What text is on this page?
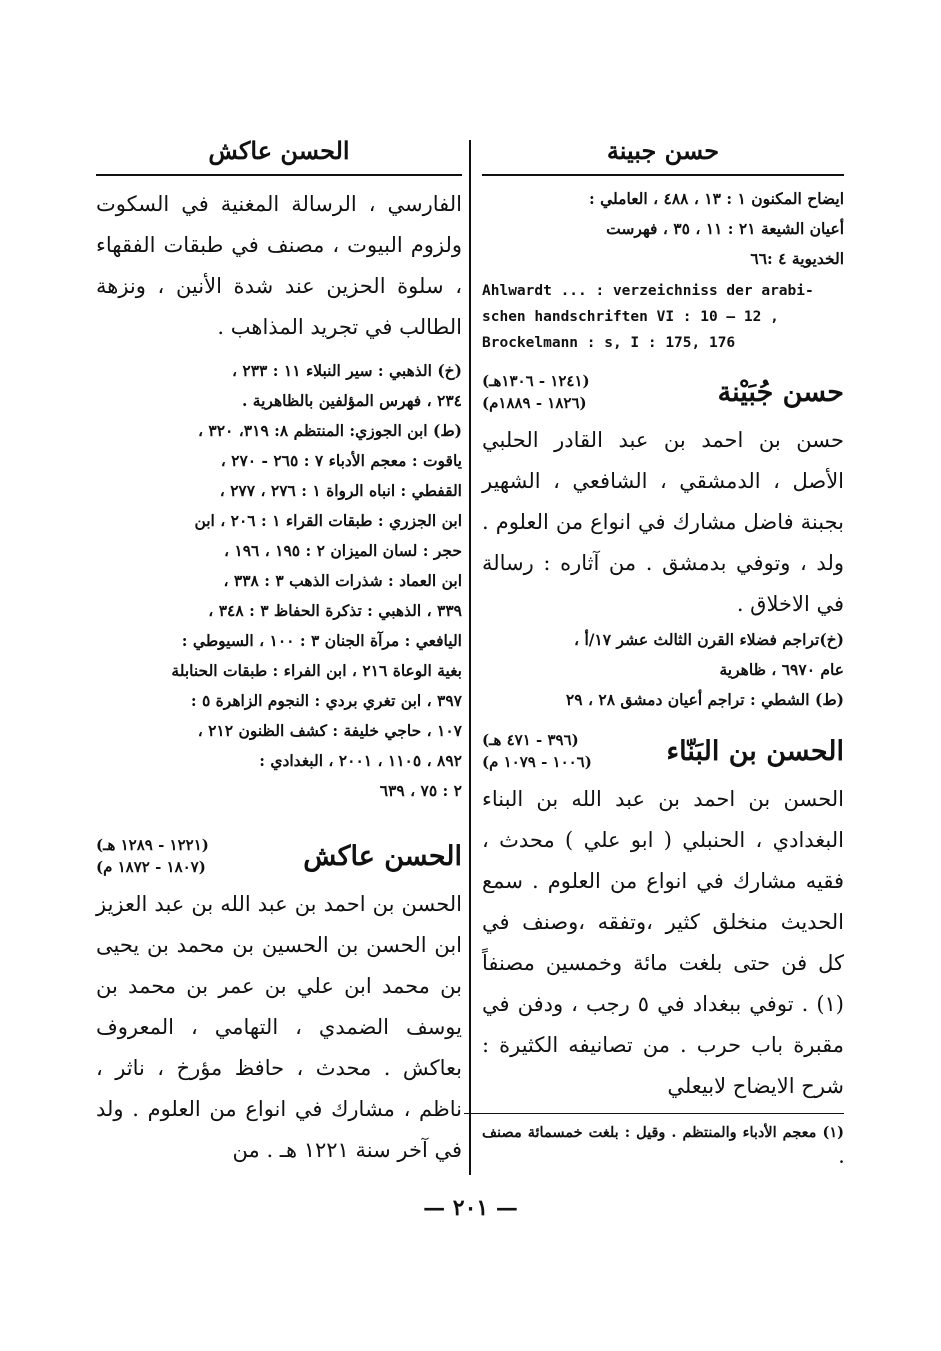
حسن جبينة

ايضاح المكنون ١ : ١٣ ، ٤٨٨ ، العاملي :

أعيان الشيعة ٢١ : ١١ ، ٣٥ ، فهرست

الخديوية ٤ :٦٦

Ahlwardt ... : verzeichniss der arabi-
schen handschriften VI : 10 — 12 ,
Brockelmann : s, I : 175, 176
حسن جُبَيْنة
(١٢٤١ - ١٣٠٦هـ)
(١٨٢٦ - ١٨٨٩م)

حسن بن احمد بن عبد القادر الحلبي الأصل ، الدمشقي ، الشافعي ، الشهير بجبنة فاضل مشارك في انواع من العلوم . ولد ، وتوفي بدمشق . من آثاره : رسالة في الاخلاق .

(خ)تراجم فضلاء القرن الثالث عشر ١٧/أ ،

عام ٦٩٧٠ ، ظاهرية

(ط) الشطي : تراجم أعيان دمشق ٢٨ ، ٢٩

الحسن بن البَنّاء
(٣٩٦ - ٤٧١ هـ)
(١٠٠٦ - ١٠٧٩ م)

الحسن بن احمد بن عبد الله بن البناء البغدادي ، الحنبلي ( ابو علي ) محدث ، فقيه مشارك في انواع من العلوم . سمع الحديث منخلق كثير ،وتفقه ،وصنف في كل فن حتى بلغت مائة وخمسين مصنفاً (١) . توفي ببغداد في ٥ رجب ، ودفن في مقبرة باب حرب . من تصانيفه الكثيرة : شرح الايضاح لابيعلي

(١) معجم الأدباء والمنتظم . وقيل : بلغت خمسمائة مصنف .

الحسن عاكش

الفارسي ، الرسالة المغنية في السكوت ولزوم البيوت ، مصنف في طبقات الفقهاء ، سلوة الحزين عند شدة الأنين ، ونزهة الطالب في تجريد المذاهب .

(خ) الذهبي : سير النبلاء ١١ : ٢٣٣ ،

٢٣٤ ، فهرس المؤلفين بالظاهرية .

(ط) ابن الجوزي: المنتظم ٨: ٣١٩، ٣٢٠ ،

ياقوت : معجم الأدباء ٧ : ٢٦٥ - ٢٧٠ ،

القفطي : انباه الرواة ١ : ٢٧٦ ، ٢٧٧ ،

ابن الجزري : طبقات القراء ١ : ٢٠٦ ، ابن

حجر : لسان الميزان ٢ : ١٩٥ ، ١٩٦ ،

ابن العماد : شذرات الذهب ٣ : ٣٣٨ ،

٣٣٩ ، الذهبي : تذكرة الحفاظ ٣ : ٣٤٨ ،

اليافعي : مرآة الجنان ٣ : ١٠٠ ، السيوطي :

بغية الوعاة ٢١٦ ، ابن الفراء : طبقات الحنابلة

٣٩٧ ، ابن تغري بردي : النجوم الزاهرة ٥ :

١٠٧ ، حاجي خليفة : كشف الظنون ٢١٢ ،

٨٩٢ ، ١١٠٥ ، ٢٠٠١ ، البغدادي :

٢ : ٧٥ ، ٦٣٩

الحسن عاكش
(١٢٢١ - ١٢٨٩ هـ)
(١٨٠٧ - ١٨٧٢ م)

الحسن بن احمد بن عبد الله بن عبد العزيز ابن الحسن بن الحسين بن محمد بن يحيى بن محمد ابن علي بن عمر بن محمد بن يوسف الضمدي ، التهامي ، المعروف بعاكش . محدث ، حافظ مؤرخ ، ناثر ، ناظم ، مشارك في انواع من العلوم . ولد في آخر سنة ١٢٢١ هـ . من

— ٢٠١ —
